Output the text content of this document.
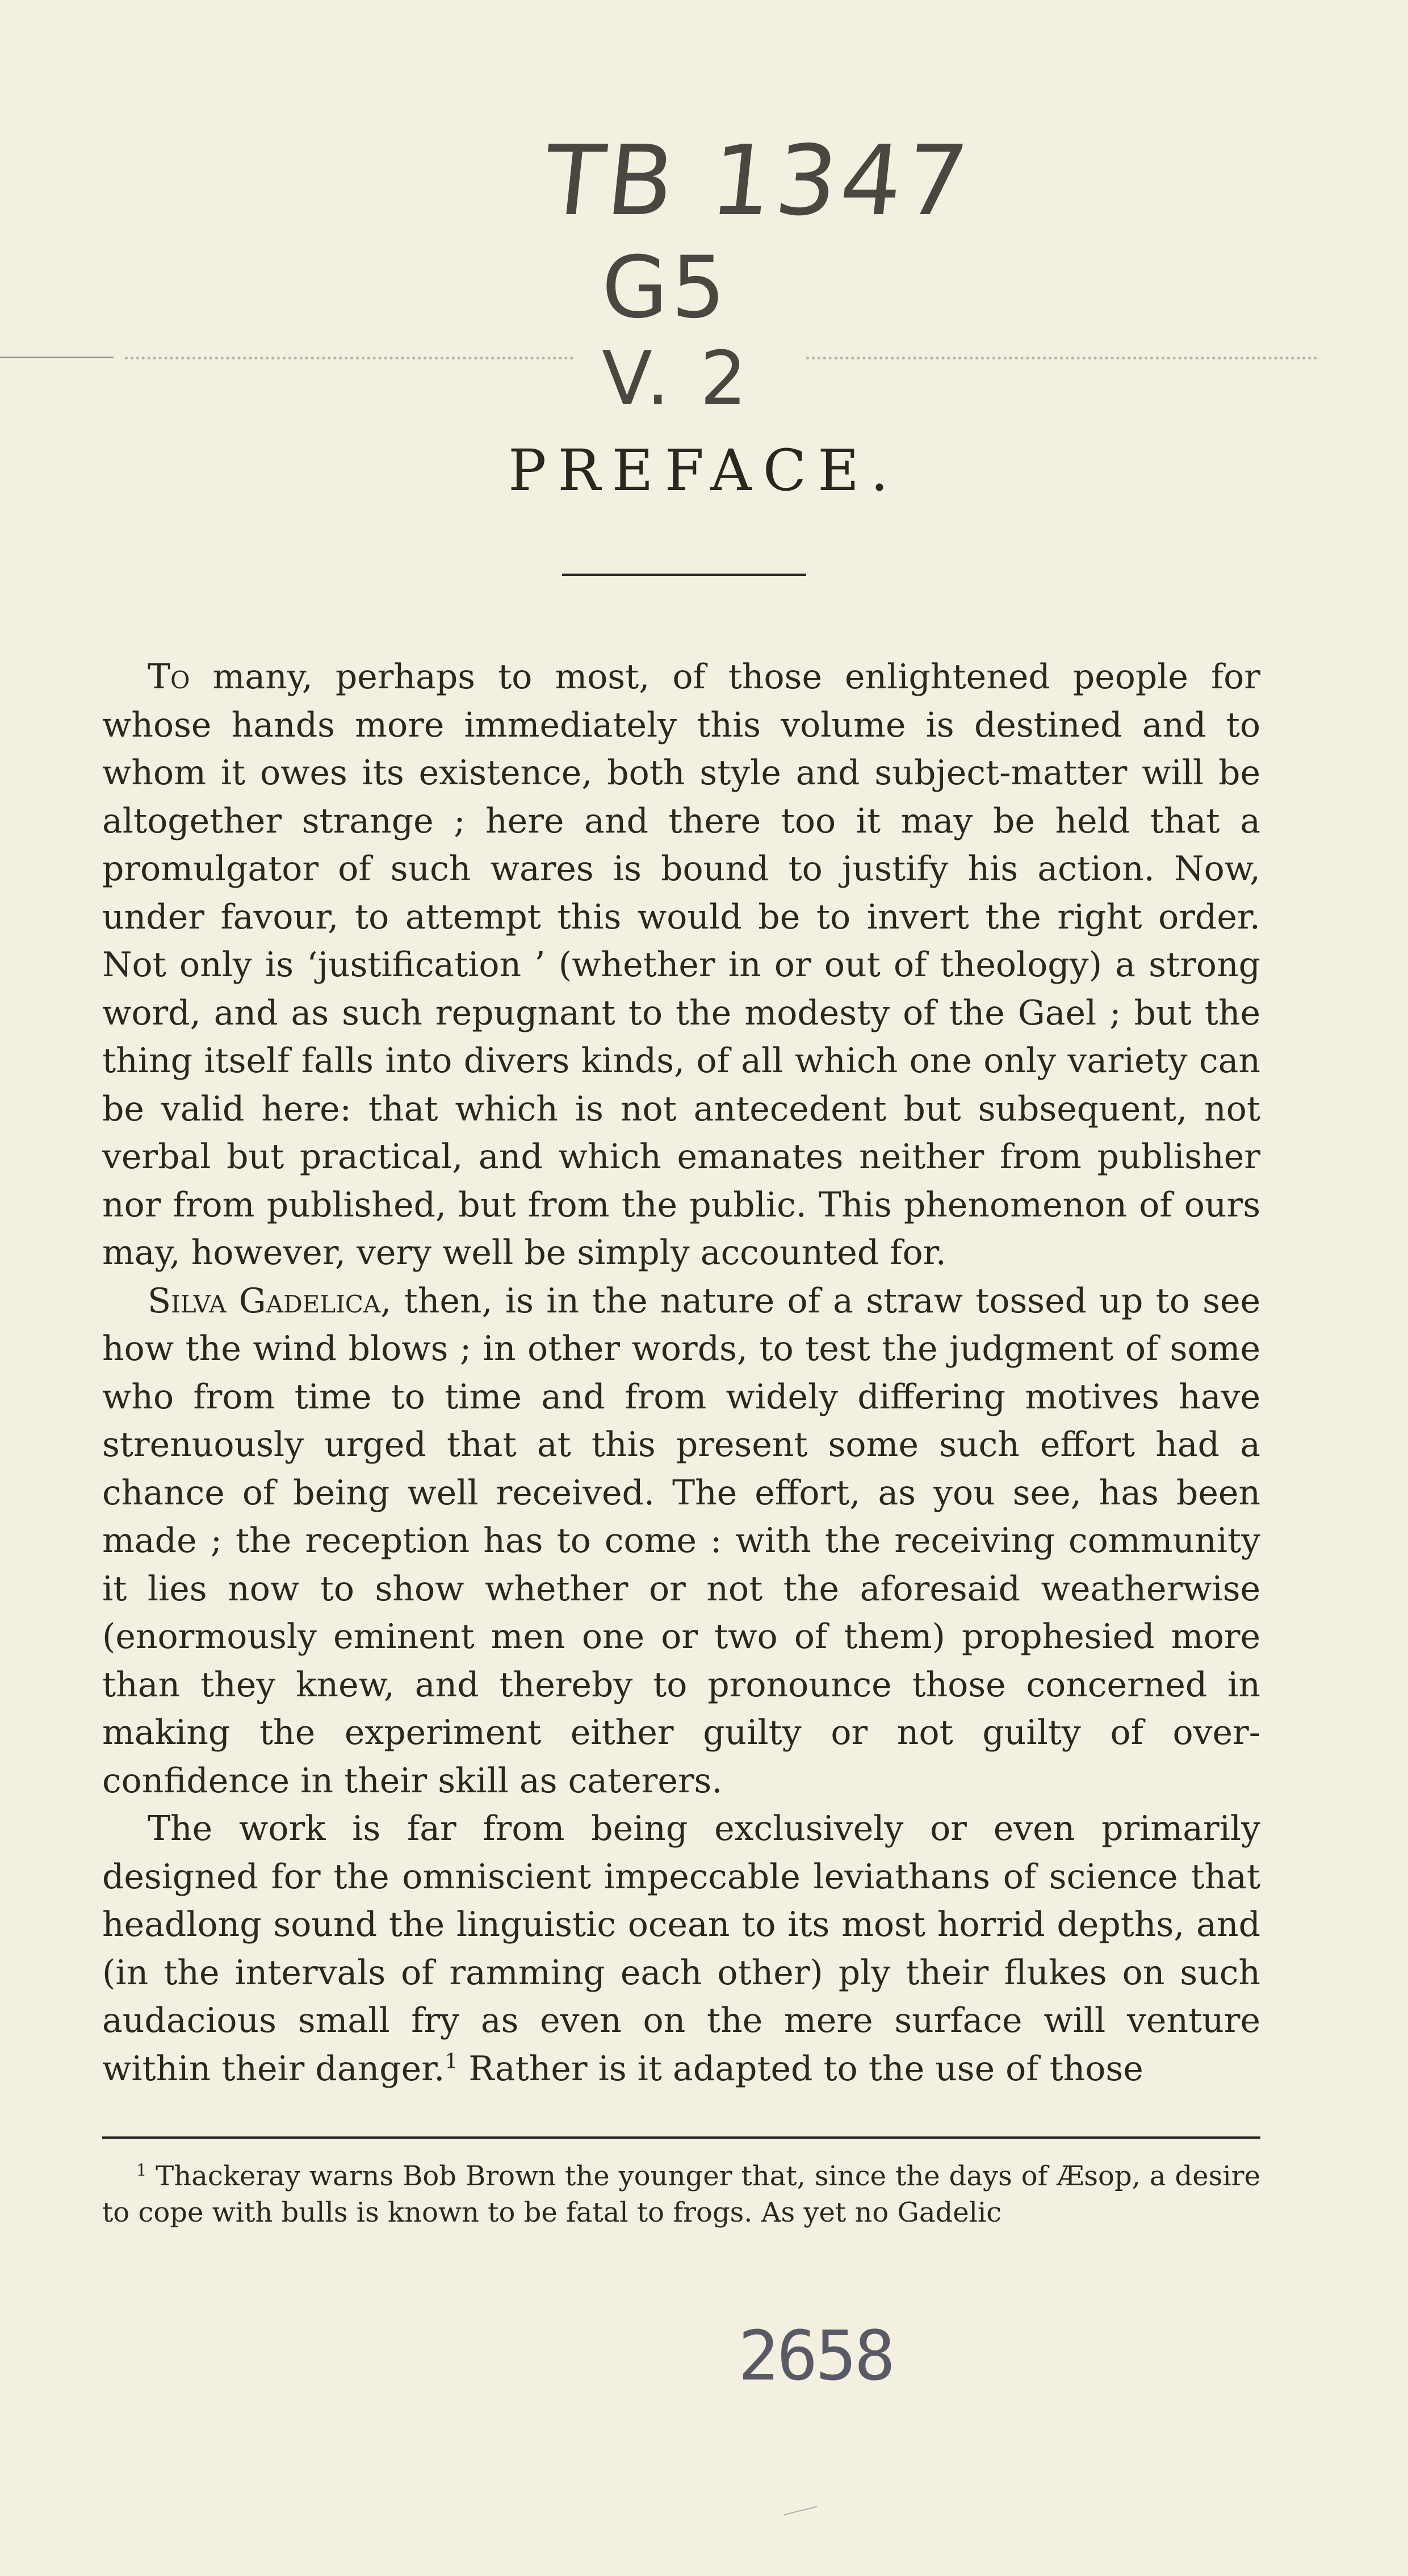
TB 1347
G5
V. 2
PREFACE.

To many, perhaps to most, of those enlightened people for whose hands more immediately this volume is destined and to whom it owes its existence, both style and subject-matter will be altogether strange ; here and there too it may be held that a promulgator of such wares is bound to justify his action. Now, under favour, to attempt this would be to invert the right order. Not only is ‘justification ’ (whether in or out of theology) a strong word, and as such repugnant to the modesty of the Gael ; but the thing itself falls into divers kinds, of all which one only variety can be valid here: that which is not antecedent but subsequent, not verbal but practical, and which emanates neither from publisher nor from published, but from the public. This phenomenon of ours may, however, very well be simply accounted for.

Silva Gadelica, then, is in the nature of a straw tossed up to see how the wind blows ; in other words, to test the judgment of some who from time to time and from widely differing motives have strenuously urged that at this present some such effort had a chance of being well received. The effort, as you see, has been made ; the reception has to come : with the receiving community it lies now to show whether or not the aforesaid weatherwise (enormously eminent men one or two of them) prophesied more than they knew, and thereby to pronounce those concerned in making the experiment either guilty or not guilty of over-confidence in their skill as caterers.

The work is far from being exclusively or even primarily designed for the omniscient impeccable leviathans of science that headlong sound the linguistic ocean to its most horrid depths, and (in the intervals of ramming each other) ply their flukes on such audacious small fry as even on the mere surface will venture within their danger.$^1$ Rather is it adapted to the use of those

$^1$ Thackeray warns Bob Brown the younger that, since the days of Æsop, a desire to cope with bulls is known to be fatal to frogs. As yet no Gadelic

2658
